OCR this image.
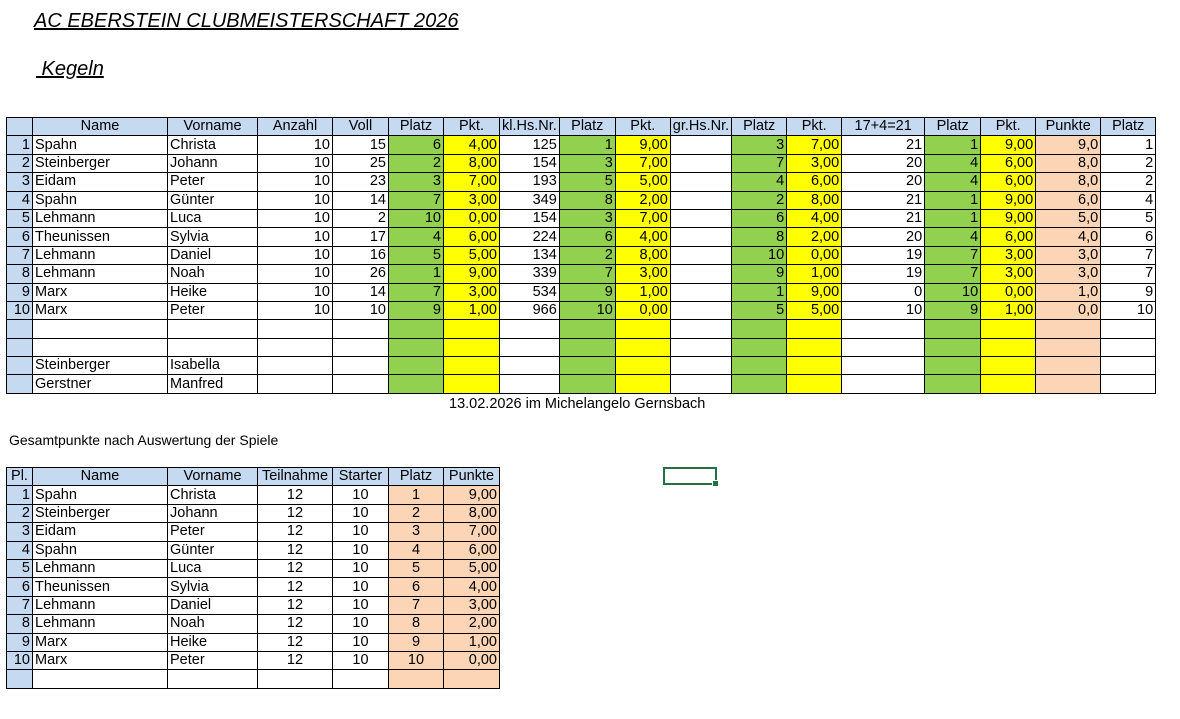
AC EBERSTEIN CLUBMEISTERSCHAFT 2026
Kegeln
	Name	Vorname	Anzahl	Voll	Platz	Pkt.	kl.Hs.Nr.	Platz	Pkt.	gr.Hs.Nr.	Platz	Pkt.	17+4=21	Platz	Pkt.	Punkte	Platz
1	Spahn	Christa	10	15	6	4,00	125	1	9,00		3	7,00	21	1	9,00	9,0	1
2	Steinberger	Johann	10	25	2	8,00	154	3	7,00		7	3,00	20	4	6,00	8,0	2
3	Eidam	Peter	10	23	3	7,00	193	5	5,00		4	6,00	20	4	6,00	8,0	2
4	Spahn	Günter	10	14	7	3,00	349	8	2,00		2	8,00	21	1	9,00	6,0	4
5	Lehmann	Luca	10	2	10	0,00	154	3	7,00		6	4,00	21	1	9,00	5,0	5
6	Theunissen	Sylvia	10	17	4	6,00	224	6	4,00		8	2,00	20	4	6,00	4,0	6
7	Lehmann	Daniel	10	16	5	5,00	134	2	8,00		10	0,00	19	7	3,00	3,0	7
8	Lehmann	Noah	10	26	1	9,00	339	7	3,00		9	1,00	19	7	3,00	3,0	7
9	Marx	Heike	10	14	7	3,00	534	9	1,00		1	9,00	0	10	0,00	1,0	9
10	Marx	Peter	10	10	9	1,00	966	10	0,00		5	5,00	10	9	1,00	0,0	10

	Steinberger	Isabella															
	Gerstner	Manfred															
13.02.2026 im Michelangelo Gernsbach
Gesamtpunkte nach Auswertung der Spiele
Pl.	Name	Vorname	Teilnahme	Starter	Platz	Punkte
1	Spahn	Christa	12	10	1	9,00
2	Steinberger	Johann	12	10	2	8,00
3	Eidam	Peter	12	10	3	7,00
4	Spahn	Günter	12	10	4	6,00
5	Lehmann	Luca	12	10	5	5,00
6	Theunissen	Sylvia	12	10	6	4,00
7	Lehmann	Daniel	12	10	7	3,00
8	Lehmann	Noah	12	10	8	2,00
9	Marx	Heike	12	10	9	1,00
10	Marx	Peter	12	10	10	0,00
